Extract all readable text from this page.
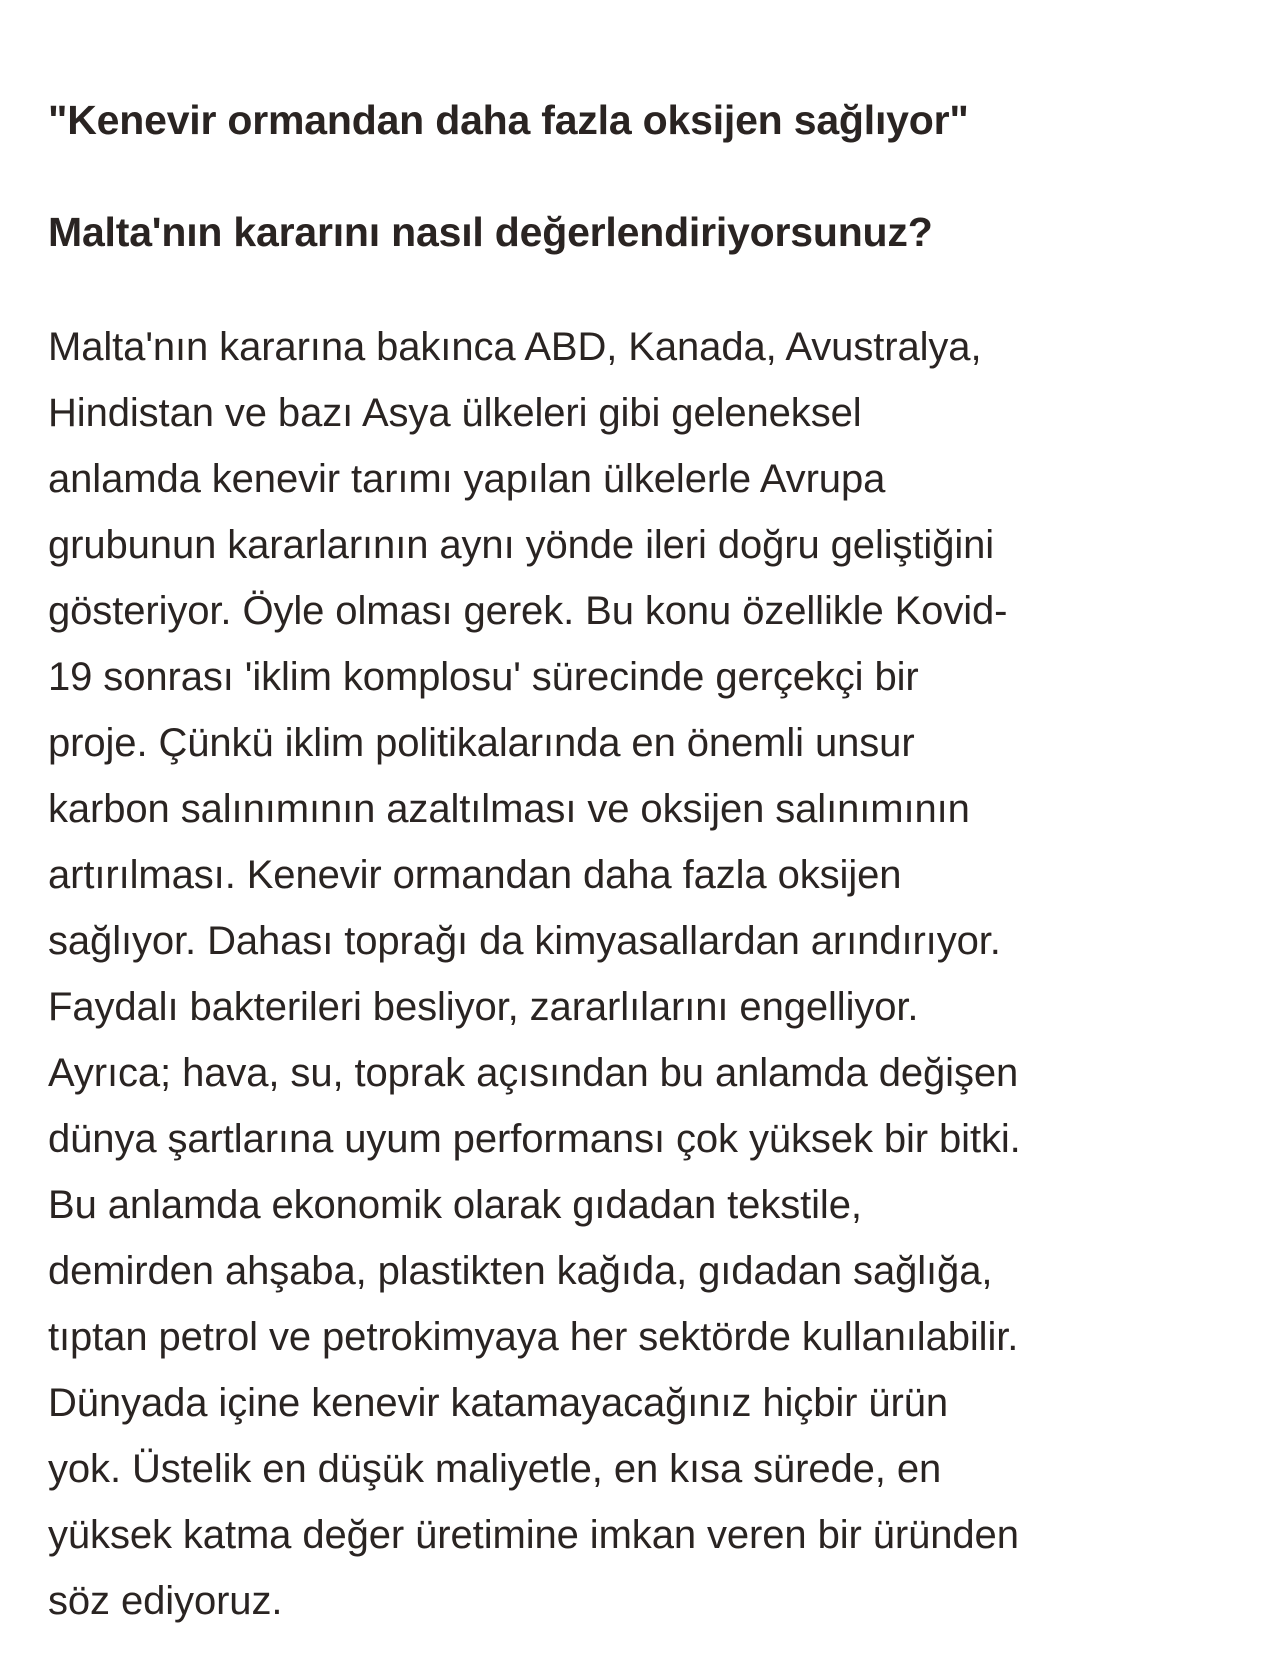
"Kenevir ormandan daha fazla oksijen sağlıyor"
Malta'nın kararını nasıl değerlendiriyorsunuz?

Malta'nın kararına bakınca ABD, Kanada, Avustralya,
Hindistan ve bazı Asya ülkeleri gibi geleneksel
anlamda kenevir tarımı yapılan ülkelerle Avrupa
grubunun kararlarının aynı yönde ileri doğru geliştiğini
gösteriyor. Öyle olması gerek. Bu konu özellikle Kovid-
19 sonrası 'iklim komplosu' sürecinde gerçekçi bir
proje. Çünkü iklim politikalarında en önemli unsur
karbon salınımının azaltılması ve oksijen salınımının
artırılması. Kenevir ormandan daha fazla oksijen
sağlıyor. Dahası toprağı da kimyasallardan arındırıyor.
Faydalı bakterileri besliyor, zararlılarını engelliyor.
Ayrıca; hava, su, toprak açısından bu anlamda değişen
dünya şartlarına uyum performansı çok yüksek bir bitki.
Bu anlamda ekonomik olarak gıdadan tekstile,
demirden ahşaba, plastikten kağıda, gıdadan sağlığa,
tıptan petrol ve petrokimyaya her sektörde kullanılabilir.
Dünyada içine kenevir katamayacağınız hiçbir ürün
yok. Üstelik en düşük maliyetle, en kısa sürede, en
yüksek katma değer üretimine imkan veren bir üründen
söz ediyoruz.
